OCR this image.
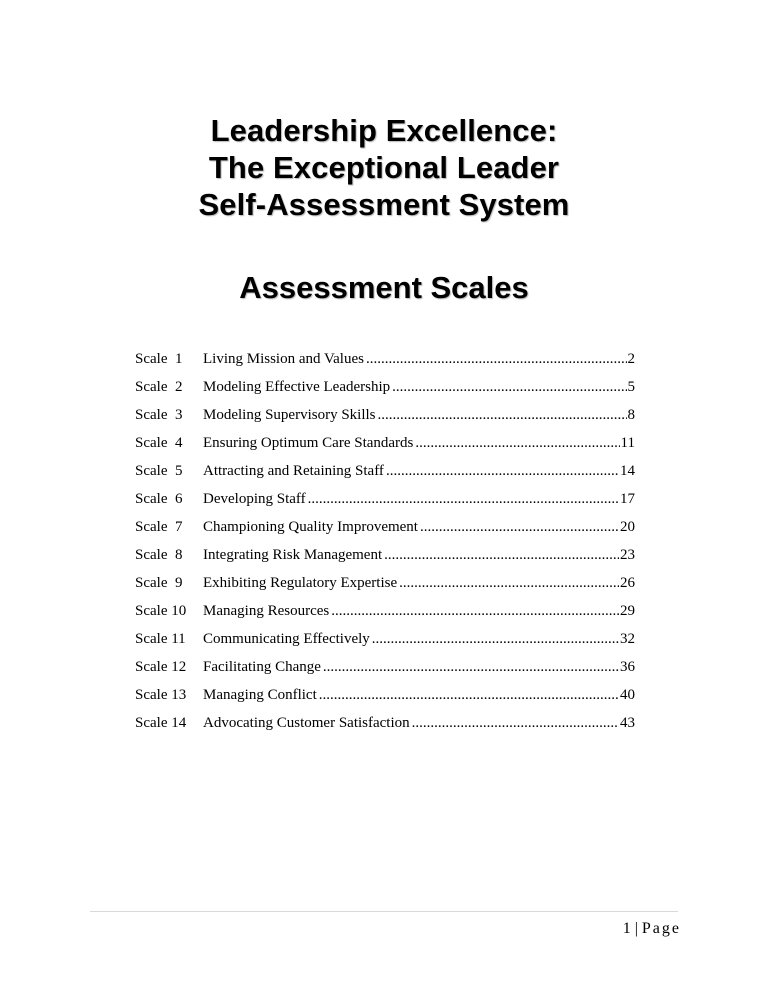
Leadership Excellence:
The Exceptional Leader
Self-Assessment System
Assessment Scales
Scale  1	Living Mission and Values .....	2
Scale  2	Modeling Effective Leadership .....	5
Scale  3	Modeling Supervisory Skills .....	8
Scale  4	Ensuring Optimum Care Standards .....	11
Scale  5	Attracting and Retaining Staff .....	14
Scale  6	Developing Staff .....	17
Scale  7	Championing Quality Improvement .....	20
Scale  8	Integrating Risk Management .....	23
Scale  9	Exhibiting Regulatory Expertise .....	26
Scale 10	Managing Resources .....	29
Scale 11	Communicating Effectively .....	32
Scale 12	Facilitating Change .....	36
Scale 13	Managing Conflict .....	40
Scale 14	Advocating Customer Satisfaction .....	43
1 | Page
